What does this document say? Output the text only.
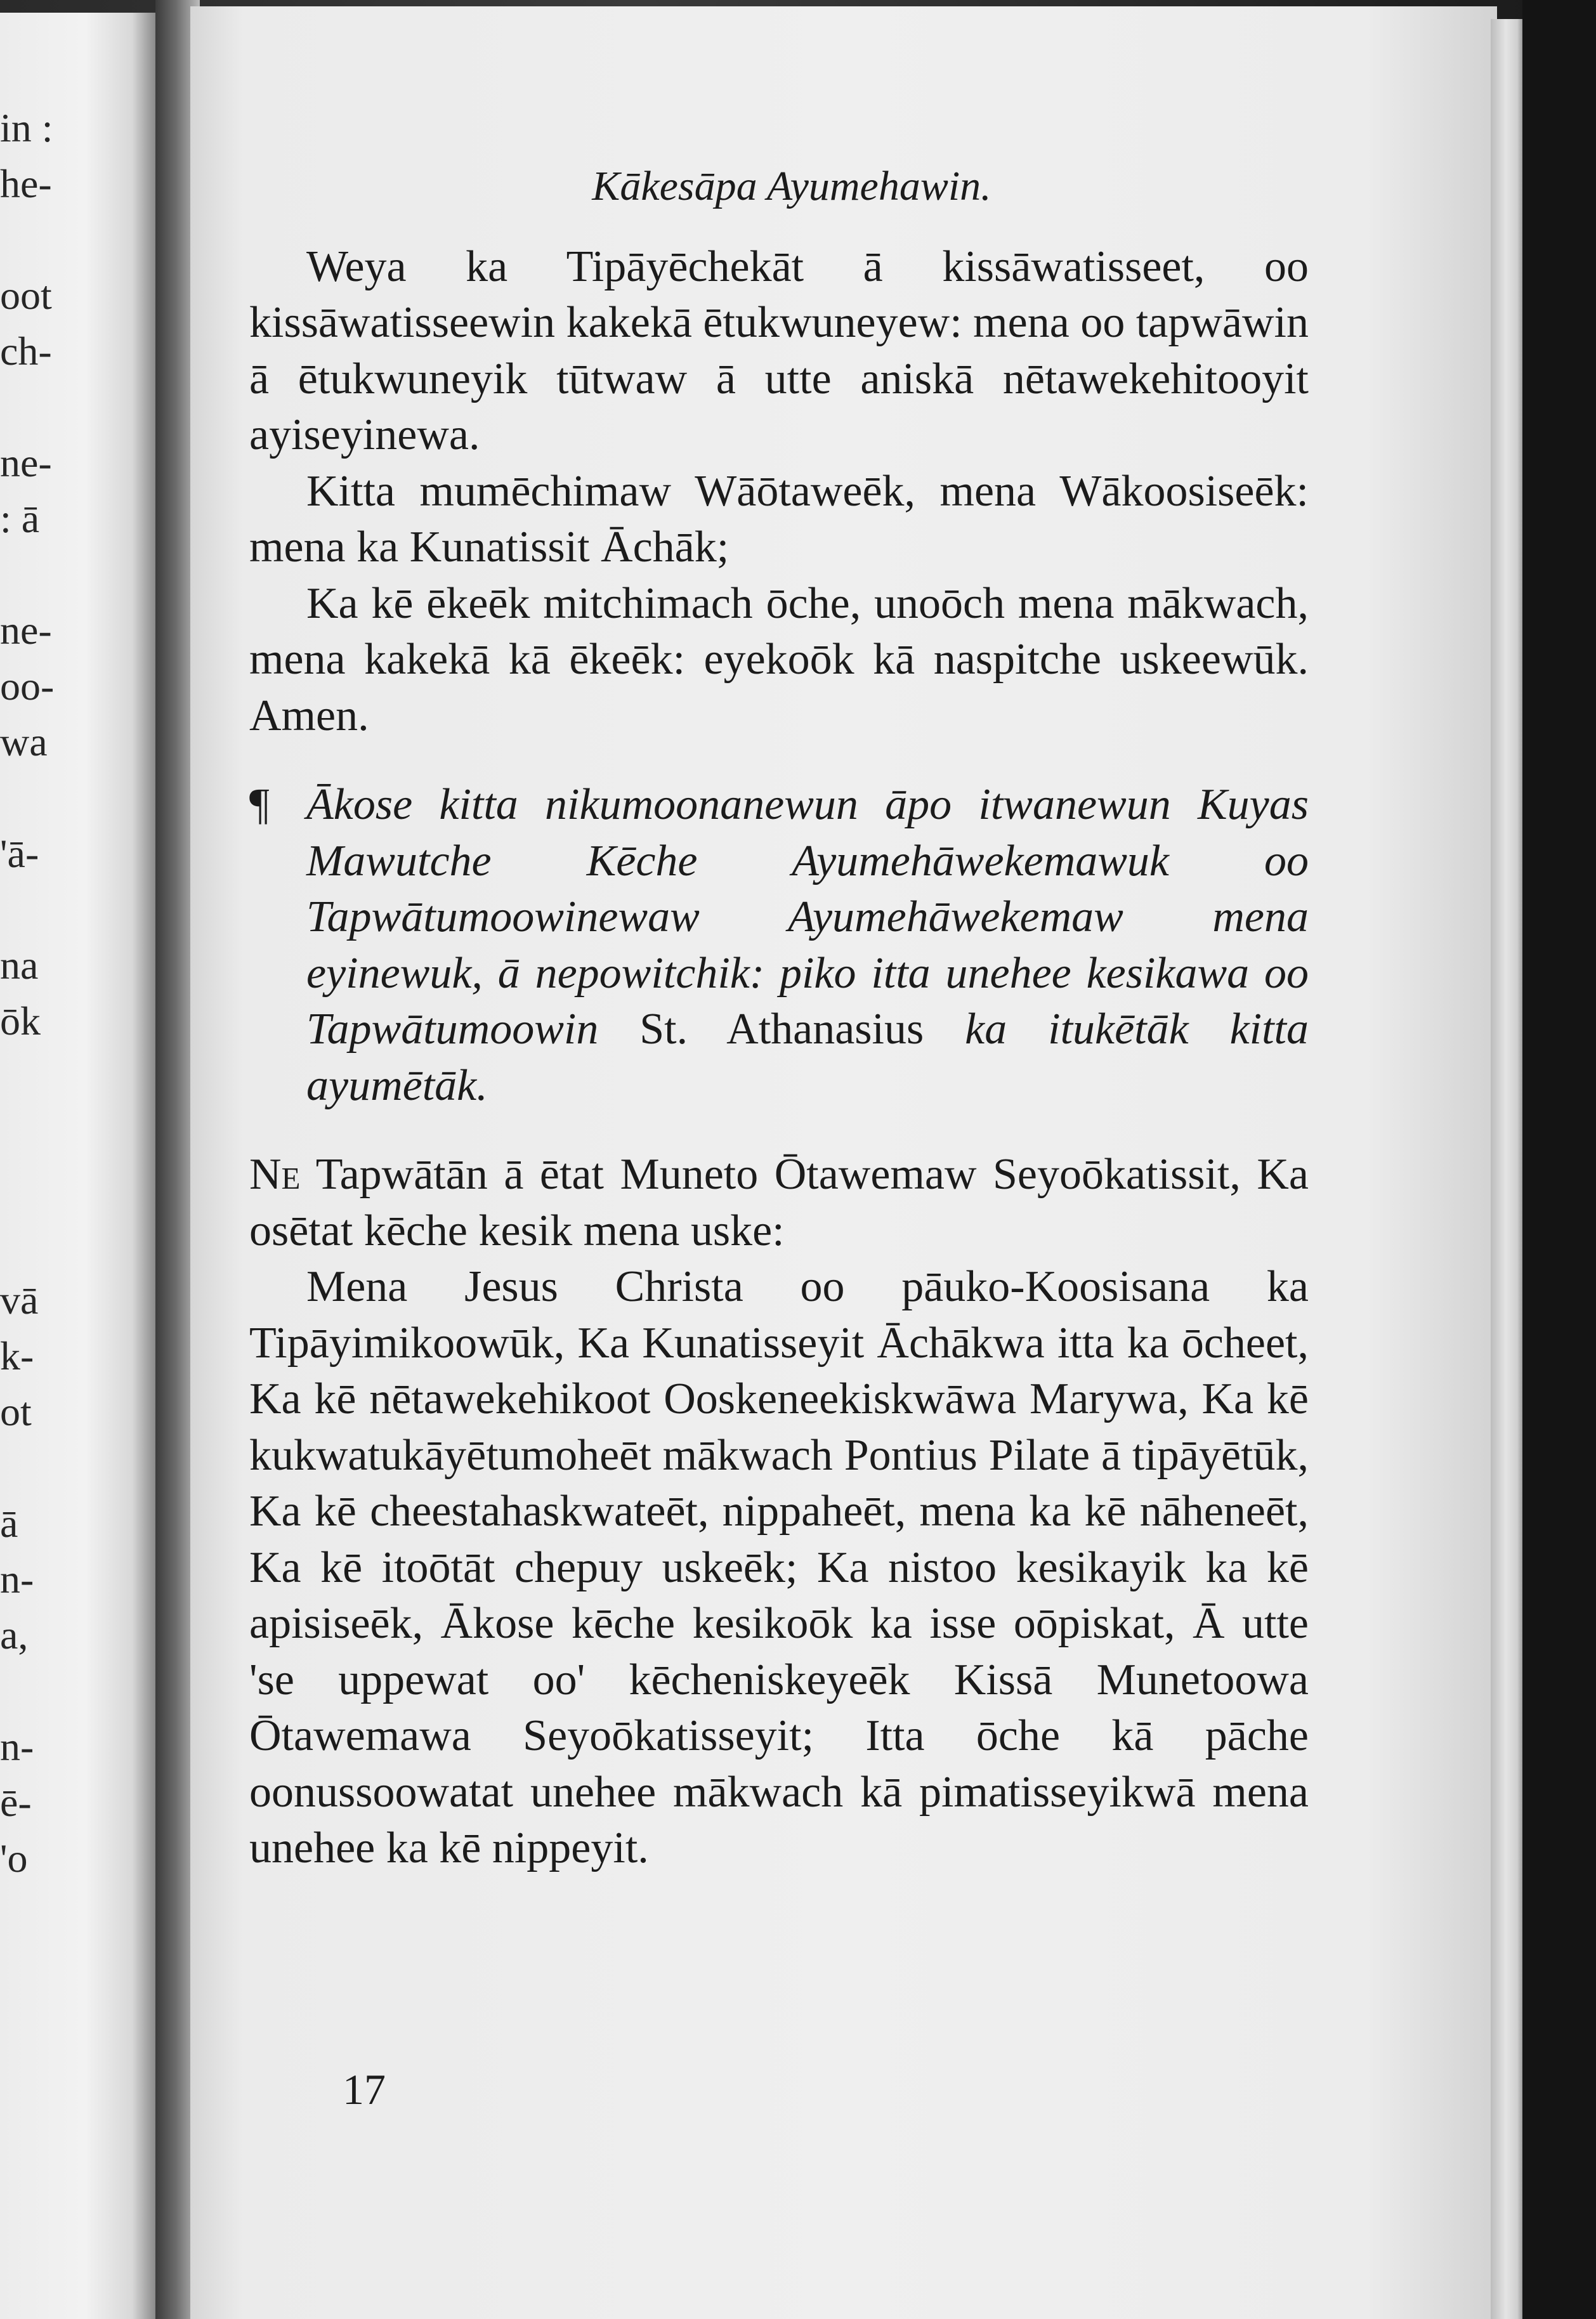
in :
he-
oot
ch-
ne-
: ā
ne-
oo-
wa
'ā-
na
ōk
vā
k-
ot
ā
n-
a,
n-
ē-
'o
Kākesāpa Ayumehawin.

Weya ka Tipāyēchekāt ā kissāwatisseet, oo kissāwatisseewin kakekā ētukwuneyew: mena oo tapwāwin ā ētukwuneyik tūtwaw ā utte aniskā nētawekehitooyit ayiseyinewa.

Kitta mumēchimaw Wāōtaweēk, mena Wākoosiseēk: mena ka Kunatissit Āchāk;

Ka kē ēkeēk mitchimach ōche, unoōch mena mākwach, mena kakekā kā ēkeēk: eyekoōk kā naspitche uskeewūk. Amen.

¶ Ākose kitta nikumoonanewun āpo itwanewun Kuyas Mawutche Kēche Ayumehāwekemawuk oo Tapwātumoowinewaw Ayumehāwekemaw mena eyinewuk, ā nepowitchik: piko itta unehee kesikawa oo Tapwātumoowin St. Athanasius ka itukētāk kitta ayumētāk.

Ne Tapwātān ā ētat Muneto Ōtawemaw Seyoōkatissit, Ka osētat kēche kesik mena uske:

Mena Jesus Christa oo pāuko-Koosisana ka Tipāyimikoowūk, Ka Kunatisseyit Āchākwa itta ka ōcheet, Ka kē nētawekehikoot Ooskeneekiskwāwa Marywa, Ka kē kukwatukāyētumoheēt mākwach Pontius Pilate ā tipāyētūk, Ka kē cheestahaskwateēt, nippaheēt, mena ka kē nāheneēt, Ka kē itoōtāt chepuy uskeēk; Ka nistoo kesikayik ka kē apisiseēk, Ākose kēche kesikoōk ka isse oōpiskat, Ā utte 'se uppewat oo' kēcheniskeyeēk Kissā Munetoowa Ōtawemawa Seyoōkatisseyit; Itta ōche kā pāche oonussoowatat unehee mākwach kā pimatisseyikwā mena unehee ka kē nippeyit.

17
